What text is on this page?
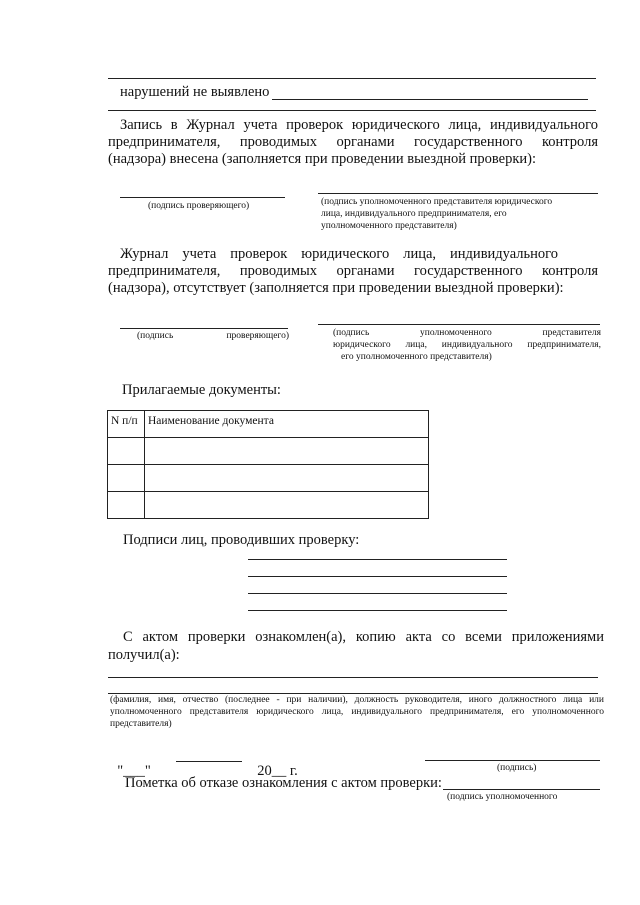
нарушений не выявлено
Запись в Журнал учета проверок юридического лица, индивидуального
предпринимателя, проводимых органами государственного контроля
(надзора) внесена (заполняется при проведении выездной проверки):
(подпись проверяющего)	(подпись уполномоченного представителя юридического
лица, индивидуального предпринимателя, его
уполномоченного представителя)
Журнал учета проверок юридического лица, индивидуального
предпринимателя, проводимых органами государственного контроля
(надзора), отсутствует (заполняется при проведении выездной проверки):
(подпись проверяющего)	(подпись уполномоченного представителя
юридического лица, индивидуального предпринимателя,
его уполномоченного представителя)
Прилагаемые документы:
N п/п	Наименование документа

Подписи лиц, проводивших проверку:
С актом проверки ознакомлен(а), копию акта со всеми приложениями
получил(а):
(фамилия, имя, отчество (последнее - при наличии), должность руководителя, иного должностного лица или
уполномоченного представителя юридического лица, индивидуального предпринимателя, его уполномоченного
представителя)

"___"	20__ г.	(подпись)
Пометка об отказе ознакомления с актом проверки:
(подпись уполномоченного
